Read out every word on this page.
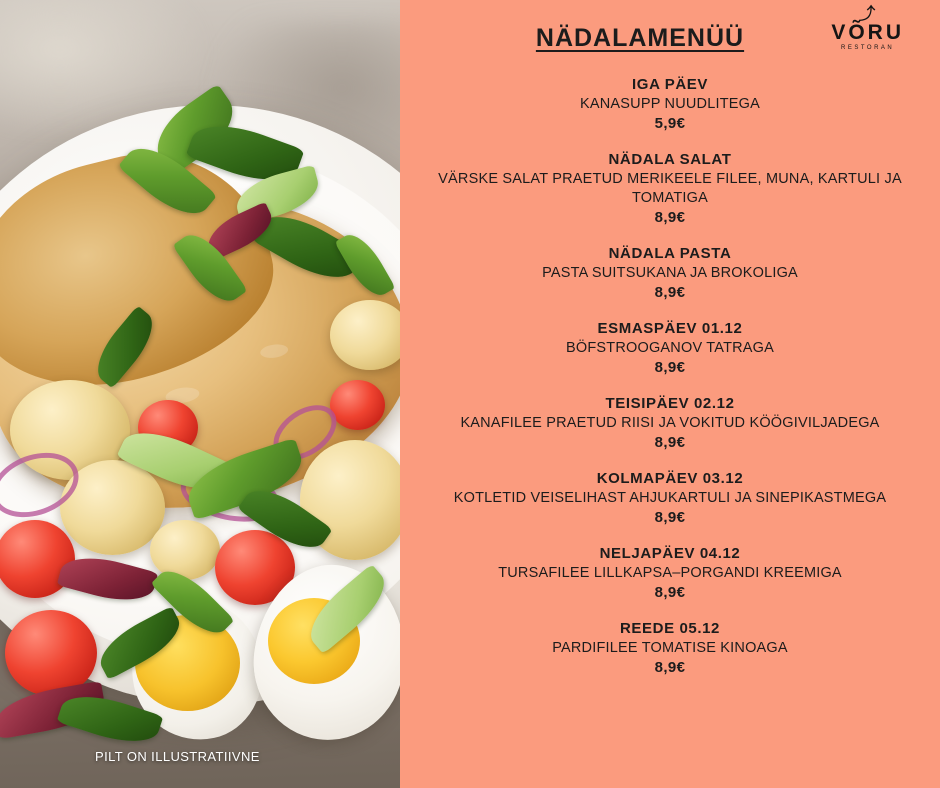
PILT ON ILLUSTRATIIVNE
⤴
VÕRU
RESTORAN
NÄDALAMENÜÜ
IGA PÄEV
KANASUPP NUUDLITEGA
5,9€
NÄDALA SALAT
VÄRSKE SALAT PRAETUD MERIKEELE FILEE, MUNA, KARTULI JA TOMATIGA
8,9€
NÄDALA PASTA
PASTA SUITSUKANA JA BROKOLIGA
8,9€
ESMASPÄEV 01.12
BÖFSTROOGANOV TATRAGA
8,9€
TEISIPÄEV 02.12
KANAFILEE PRAETUD RIISI JA VOKITUD KÖÖGIVILJADEGA
8,9€
KOLMAPÄEV 03.12
KOTLETID VEISELIHAST AHJUKARTULI JA SINEPIKASTMEGA
8,9€
NELJAPÄEV 04.12
TURSAFILEE LILLKAPSA–PORGANDI KREEMIGA
8,9€
REEDE 05.12
PARDIFILEE TOMATISE KINOAGA
8,9€
